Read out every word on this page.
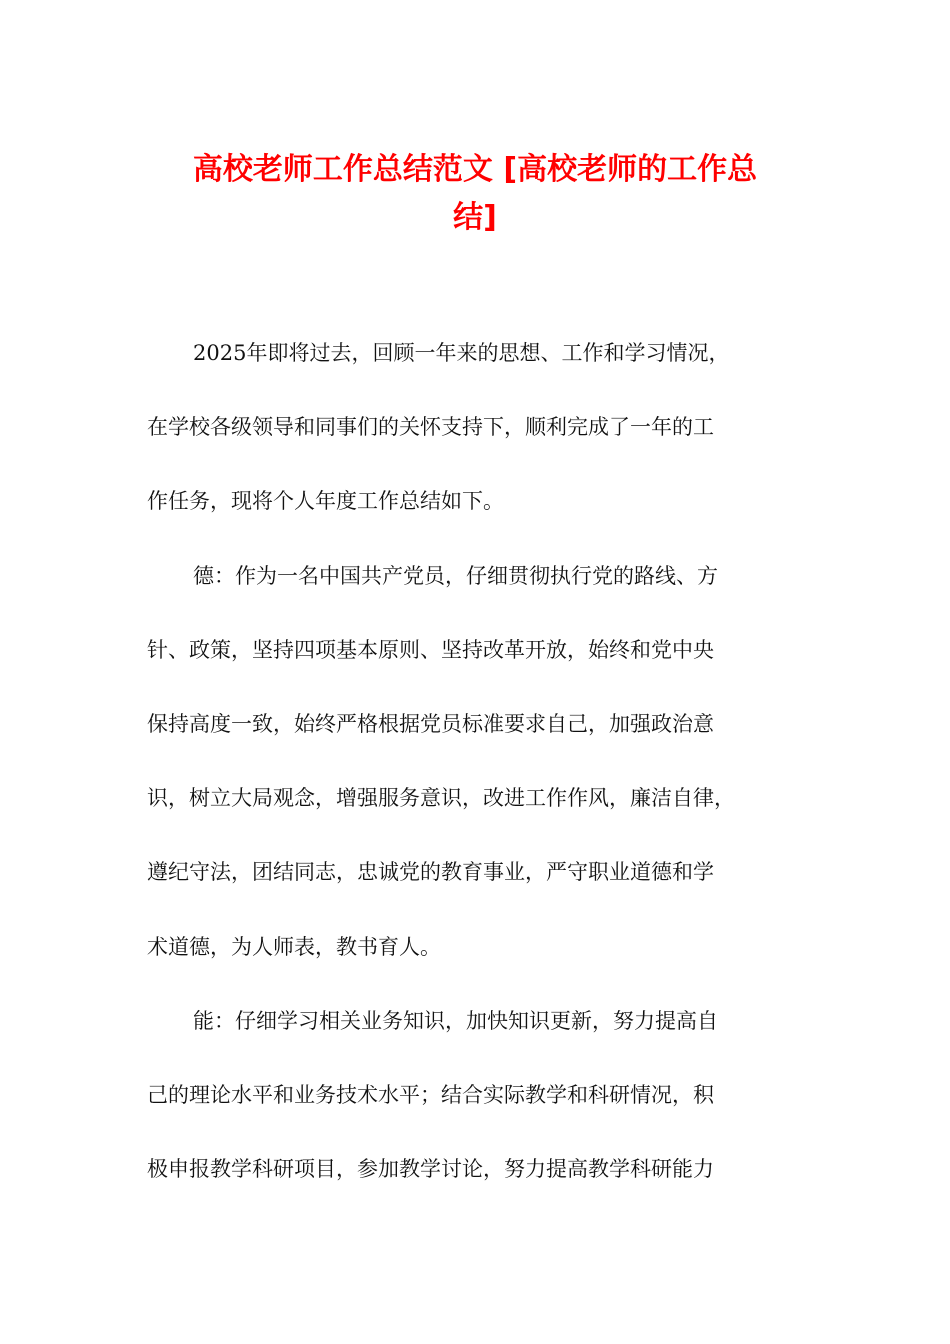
高校老师工作总结范文 [高校老师的工作总
结]
2025年即将过去，回顾一年来的思想、工作和学习情况，
在学校各级领导和同事们的关怀支持下，顺利完成了一年的工
作任务，现将个人年度工作总结如下。
德：作为一名中国共产党员，仔细贯彻执行党的路线、方
针、政策，坚持四项基本原则、坚持改革开放，始终和党中央
保持高度一致，始终严格根据党员标准要求自己，加强政治意
识，树立大局观念，增强服务意识，改进工作作风，廉洁自律，
遵纪守法，团结同志，忠诚党的教育事业，严守职业道德和学
术道德，为人师表，教书育人。
能：仔细学习相关业务知识，加快知识更新，努力提高自
己的理论水平和业务技术水平；结合实际教学和科研情况，积
极申报教学科研项目，参加教学讨论，努力提高教学科研能力
